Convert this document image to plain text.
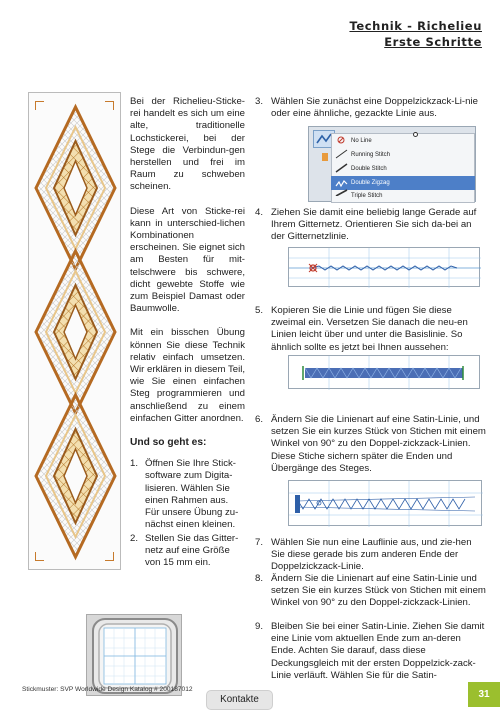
Technik - Richelieu
Erste Schritte

Bei der Richelieu-Sticke-rei handelt es sich um eine alte, traditionelle Lochstickerei, bei der Stege die Verbindun-gen herstellen und frei im Raum zu schweben scheinen.

Diese Art von Sticke-rei kann in unterschied-lichen Kombinationen erscheinen. Sie eignet sich am Besten für mit-telschwere bis schwere, dicht gewebte Stoffe wie zum Beispiel Damast oder Baumwolle.

Mit ein bisschen Übung können Sie diese Technik relativ einfach umsetzen. Wir erklären in diesem Teil, wie Sie einen einfachen Steg programmieren und anschließend zu einem einfachen Gitter anordnen.

Und so geht es:
1. Öffnen Sie Ihre Stick-software zum Digita-lisieren. Wählen Sie einen Rahmen aus. Für unsere Übung zu-nächst einen kleinen.
2. Stellen Sie das Gitter-netz auf eine Größe von 15 mm ein.
3. Wählen Sie zunächst eine Doppelzickzack-Li-nie oder eine ähnliche, gezackte Linie aus.
No Line
Running Stitch
Double Stitch
Double Zigzag
Triple Stitch
4. Ziehen Sie damit eine beliebig lange Gerade auf Ihrem Gitternetz. Orientieren Sie sich da-bei an der Gitternetzlinie.
5. Kopieren Sie die Linie und fügen Sie diese zweimal ein. Versetzen Sie danach die neu-en Linien leicht über und unter die Basislinie. So ähnlich sollte es jetzt bei Ihnen aussehen:
6. Ändern Sie die Linienart auf eine Satin-Linie, und setzen Sie ein kurzes Stück von Stichen mit einem Winkel von 90° zu den Doppel-zickzack-Linien. Diese Stiche sichern später die Enden und Übergänge des Steges.
7. Wählen Sie nun eine Lauflinie aus, und zie-hen Sie diese gerade bis zum anderen Ende der Doppelzickzack-Linie.
8. Ändern Sie die Linienart auf eine Satin-Linie und setzen Sie ein kurzes Stück von Stichen mit einem Winkel von 90° zu den Doppel-zickzack-Linien.
9. Bleiben Sie bei einer Satin-Linie. Ziehen Sie damit eine Linie vom aktuellen Ende zum an-deren Ende. Achten Sie darauf, dass diese Deckungsgleich mit der ersten Doppelzick-zack-Linie verläuft. Wählen Sie für die Satin-
Stickmuster: SVP Worldwide Design Katalog # 200187012
Kontakte	31
